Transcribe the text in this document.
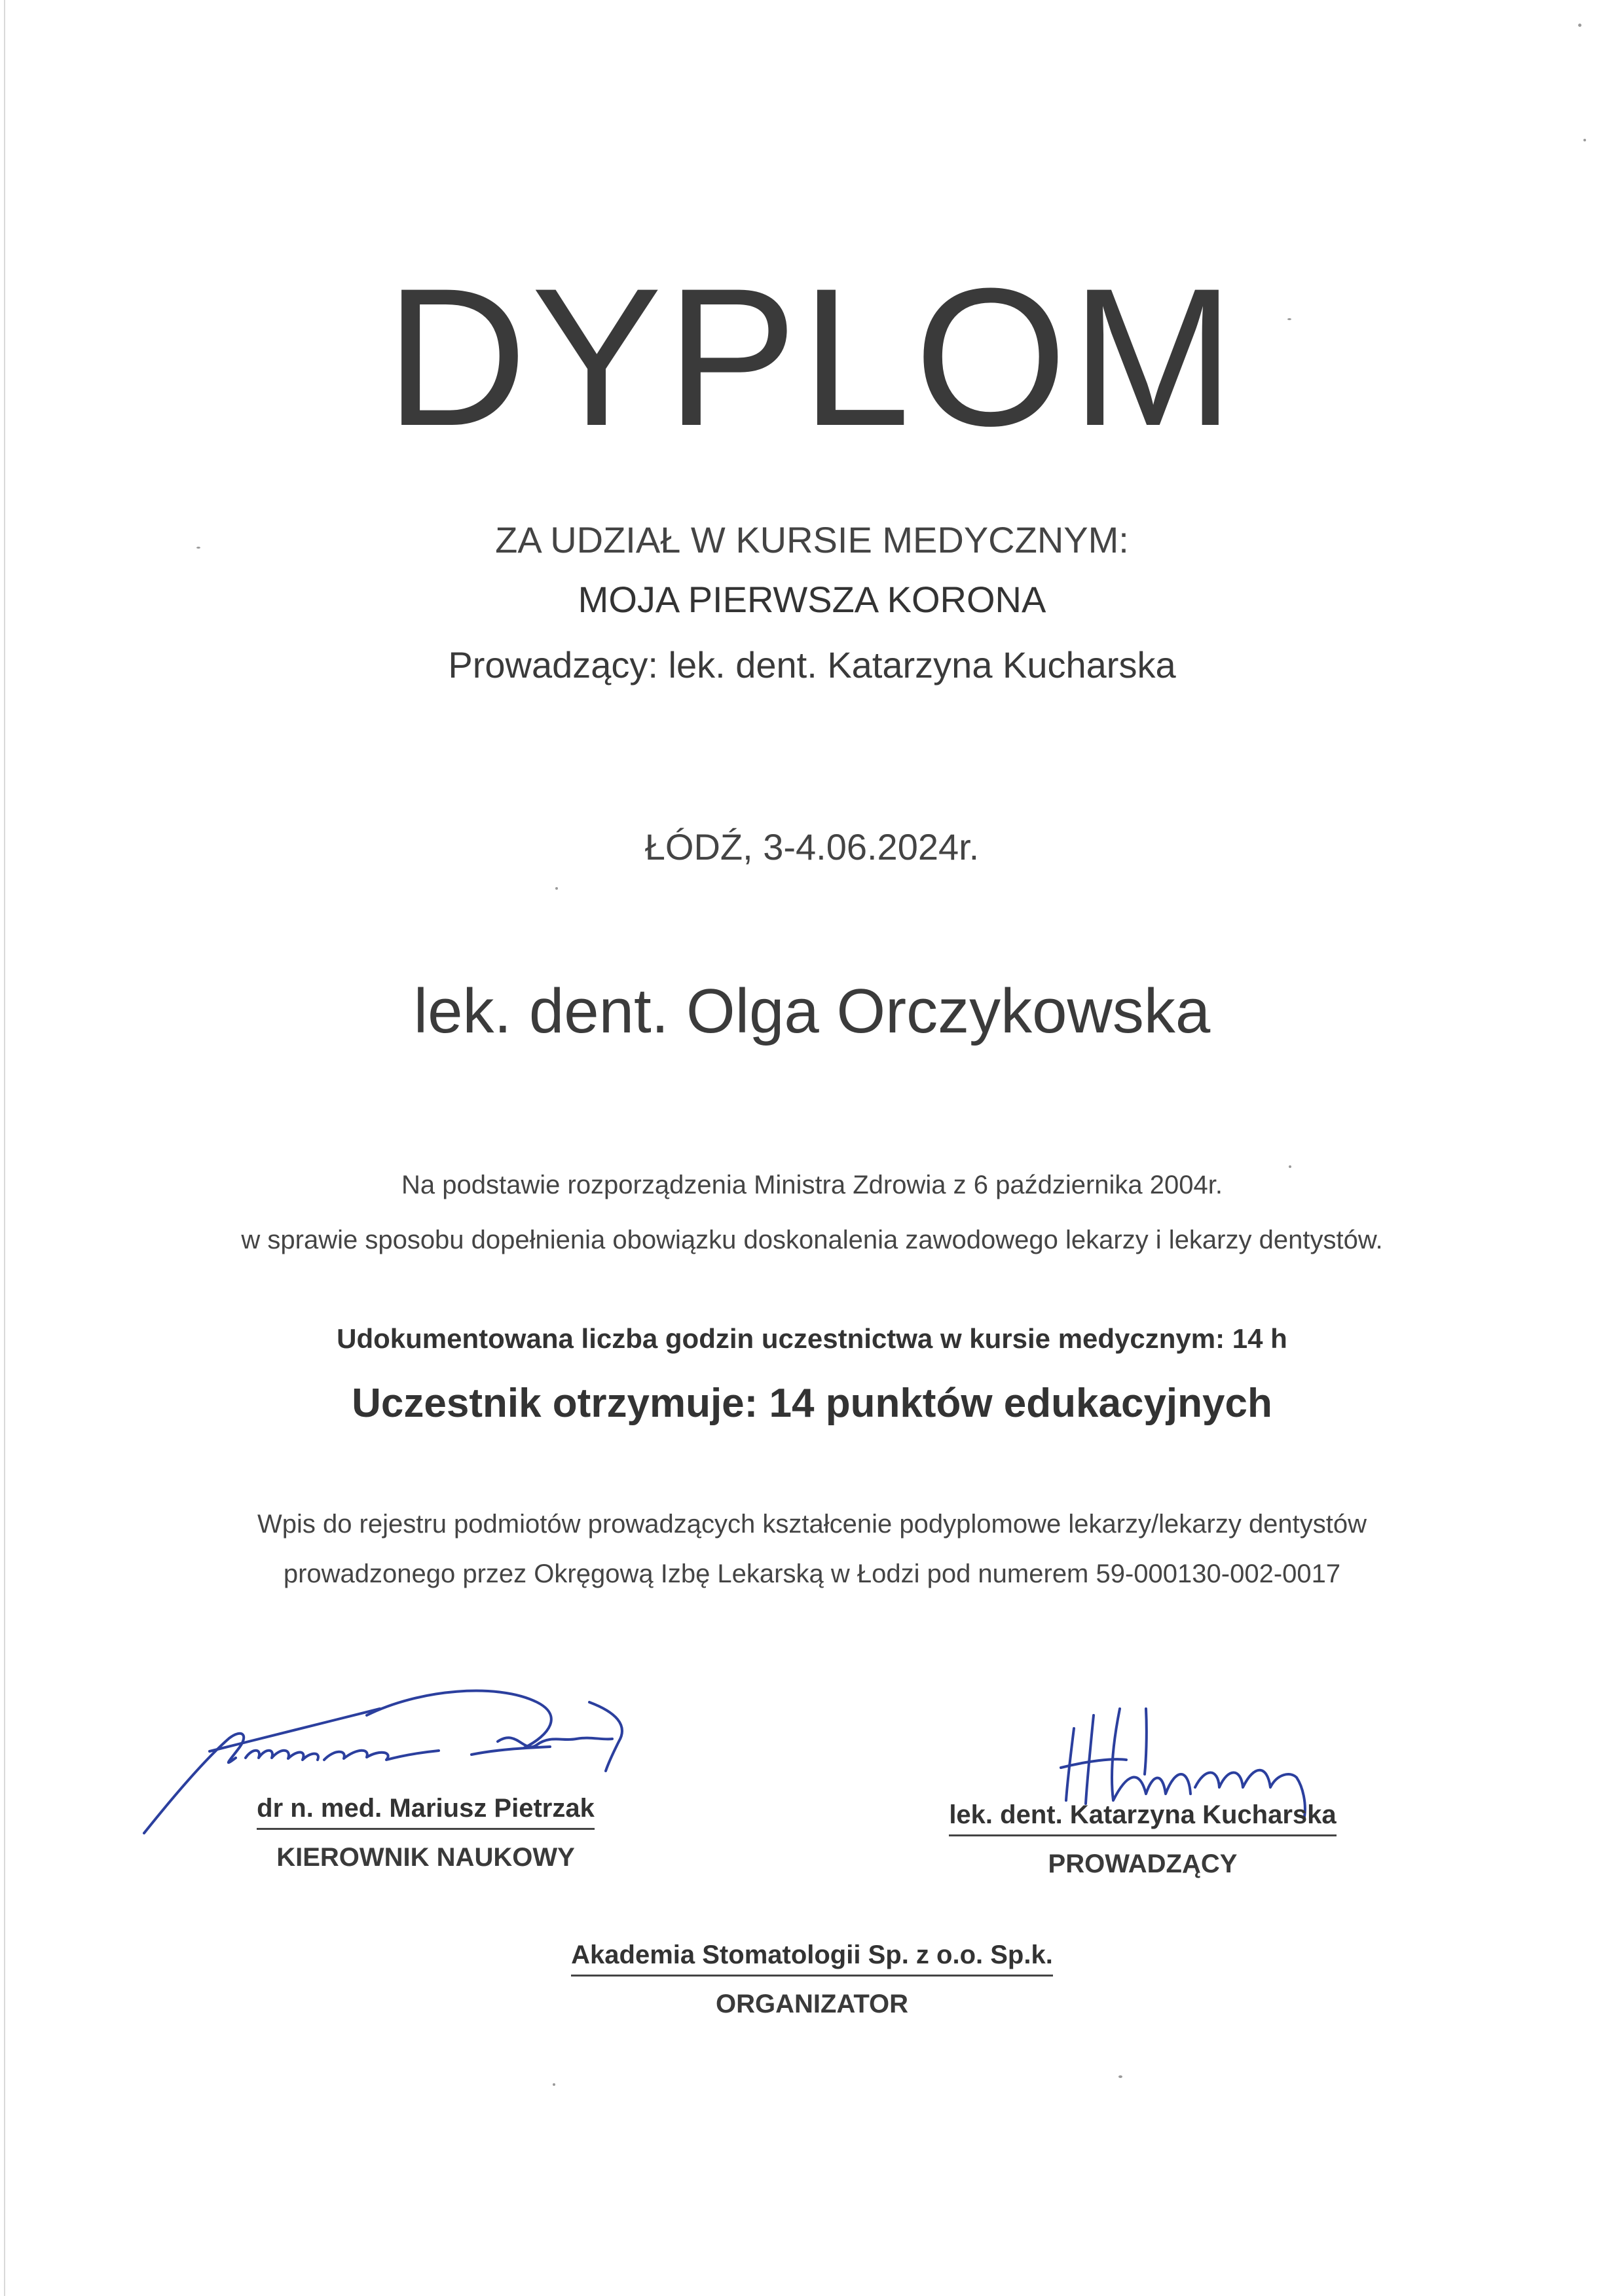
DYPLOM
ZA UDZIAŁ W KURSIE MEDYCZNYM:
MOJA PIERWSZA KORONA
Prowadzący: lek. dent. Katarzyna Kucharska
ŁÓDŹ, 3-4.06.2024r.
lek. dent. Olga Orczykowska
Na podstawie rozporządzenia Ministra Zdrowia z 6 października 2004r.
w sprawie sposobu dopełnienia obowiązku doskonalenia zawodowego lekarzy i lekarzy dentystów.
Udokumentowana liczba godzin uczestnictwa w kursie medycznym: 14 h
Uczestnik otrzymuje: 14 punktów edukacyjnych
Wpis do rejestru podmiotów prowadzących kształcenie podyplomowe lekarzy/lekarzy dentystów
prowadzonego przez Okręgową Izbę Lekarską w Łodzi pod numerem 59-000130-002-0017
dr n. med. Mariusz Pietrzak
KIEROWNIK NAUKOWY
lek. dent. Katarzyna Kucharska
PROWADZĄCY
Akademia Stomatologii Sp. z o.o. Sp.k.
ORGANIZATOR
